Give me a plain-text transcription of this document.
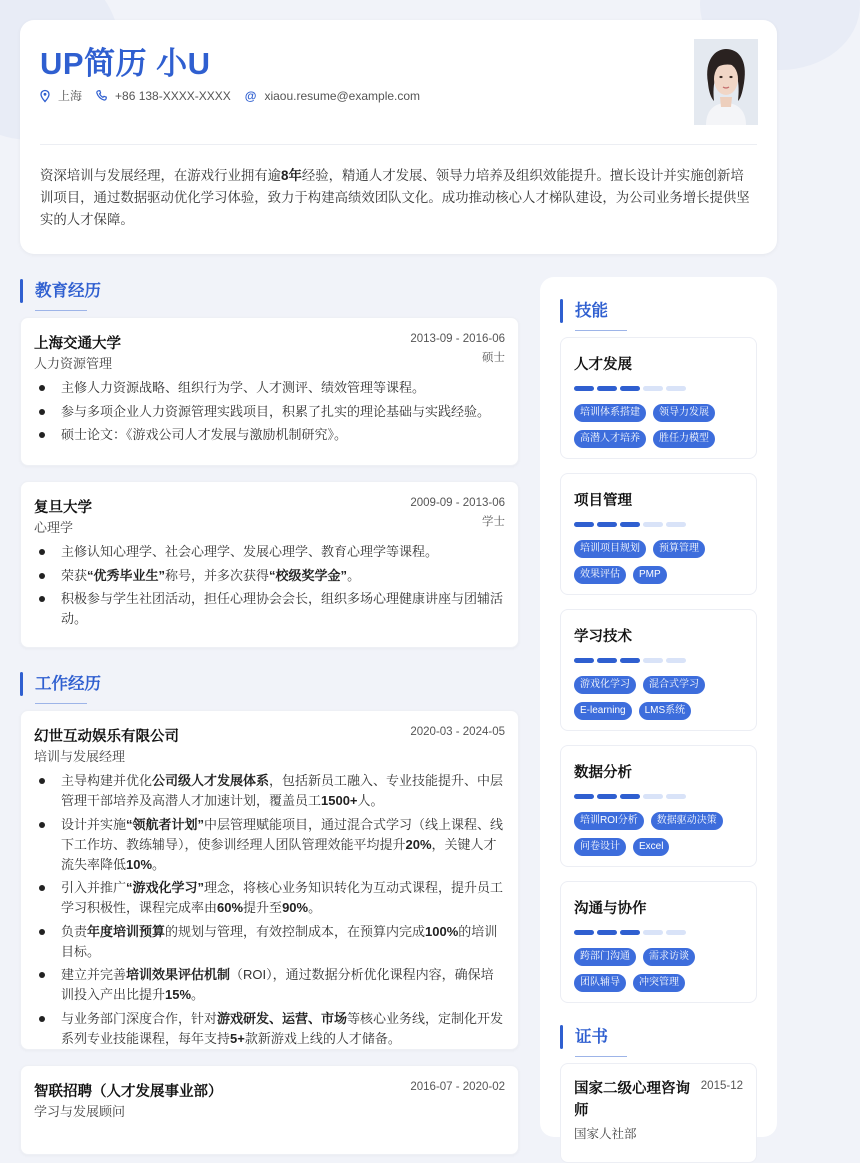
UP简历 小U
上海	+86 138-XXXX-XXXX @ xiaou.resume@example.com
资深培训与发展经理，在游戏行业拥有逾8年经验，精通人才发展、领导力培养及组织效能提升。擅长设计并实施创新培训项目，通过数据驱动优化学习体验，致力于构建高绩效团队文化。成功推动核心人才梯队建设，为公司业务增长提供坚实的人才保障。
教育经历
上海交通大学
人力资源管理
2013-09 - 2016-06
硕士
主修人力资源战略、组织行为学、人才测评、绩效管理等课程。
参与多项企业人力资源管理实践项目，积累了扎实的理论基础与实践经验。
硕士论文：《游戏公司人才发展与激励机制研究》。
复旦大学
心理学
2009-09 - 2013-06
学士
主修认知心理学、社会心理学、发展心理学、教育心理学等课程。
荣获“优秀毕业生”称号，并多次获得“校级奖学金”。
积极参与学生社团活动，担任心理协会会长，组织多场心理健康讲座与团辅活动。
工作经历
幻世互动娱乐有限公司
培训与发展经理
2020-03 - 2024-05
主导构建并优化公司级人才发展体系，包括新员工融入、专业技能提升、中层管理干部培养及高潜人才加速计划，覆盖员工1500+人。
设计并实施“领航者计划”中层管理赋能项目，通过混合式学习（线上课程、线下工作坊、教练辅导），使参训经理人团队管理效能平均提升20%，关键人才流失率降低10%。
引入并推广“游戏化学习”理念，将核心业务知识转化为互动式课程，提升员工学习积极性，课程完成率由60%提升至90%。
负责年度培训预算的规划与管理，有效控制成本，在预算内完成100%的培训目标。
建立并完善培训效果评估机制（ROI），通过数据分析优化课程内容，确保培训投入产出比提升15%。
与业务部门深度合作，针对游戏研发、运营、市场等核心业务线，定制化开发系列专业技能课程，每年支持5+款新游戏上线的人才储备。
智联招聘（人才发展事业部）
学习与发展顾问
2016-07 - 2020-02
技能
人才发展
培训体系搭建	领导力发展
高潜人才培养	胜任力模型
项目管理
培训项目规划	预算管理
效果评估	PMP
学习技术
游戏化学习	混合式学习
E-learning	LMS系统
数据分析
培训ROI分析	数据驱动决策
问卷设计	Excel
沟通与协作
跨部门沟通	需求访谈
团队辅导	冲突管理
证书
国家二级心理咨询师
2015-12
国家人社部
